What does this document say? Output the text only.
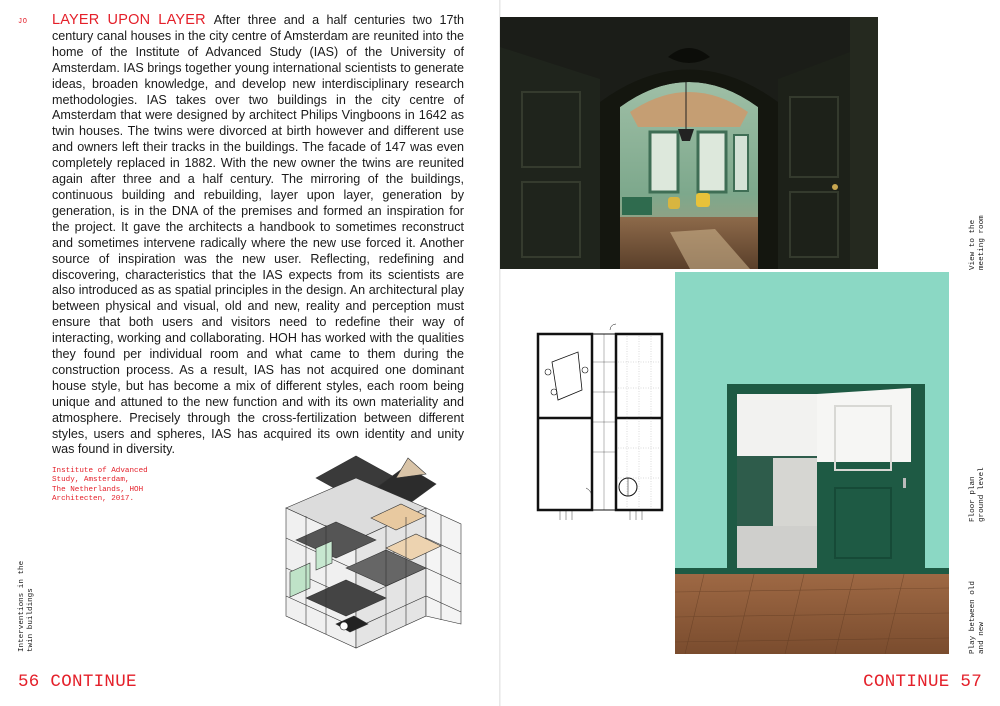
JO LAYER UPON LAYER After three and a half centuries two 17th century canal houses in the city centre of Amsterdam are reunited into the home of the Institute of Advanced Study (IAS) of the University of Amsterdam. IAS brings together young international scientists to generate ideas, broaden knowledge, and develop new interdisciplinary research methodologies. IAS takes over two buildings in the city centre of Amsterdam that were designed by architect Philips Vingboons in 1642 as twin houses. The twins were divorced at birth however and different use and owners left their tracks in the buildings. The facade of 147 was even completely replaced in 1882. With the new owner the twins are reunited again after three and a half century. The mirroring of the buildings, continuous building and rebuilding, layer upon layer, generation by generation, is in the DNA of the premises and formed an inspiration for the project. It gave the architects a handbook to sometimes reconstruct and sometimes intervene radically where the new use forced it. Another source of inspiration was the new user. Reflecting, redefining and discovering, characteristics that the IAS expects from its scientists are also introduced as as spatial principles in the design. An architectural play between physical and visual, old and new, reality and perception must ensure that both users and visitors need to redefine their way of interacting, working and collaborating. HOH has worked with the qualities they found per individual room and what came to them during the construction process. As a result, IAS has not acquired one dominant house style, but has become a mix of different styles, each room being unique and attuned to the new function and with its own materiality and atmosphere. Precisely through the cross-fertilization between different styles, users and spheres, IAS has acquired its own identity and unity was found in diversity.
Institute of Advanced
Study, Amsterdam,
The Netherlands, HOH
Architecten, 2017.
Interventions in the twin buildings
56 CONTINUE
View to the meeting room
Floor plan ground level
Play between old and new
CONTINUE 57
